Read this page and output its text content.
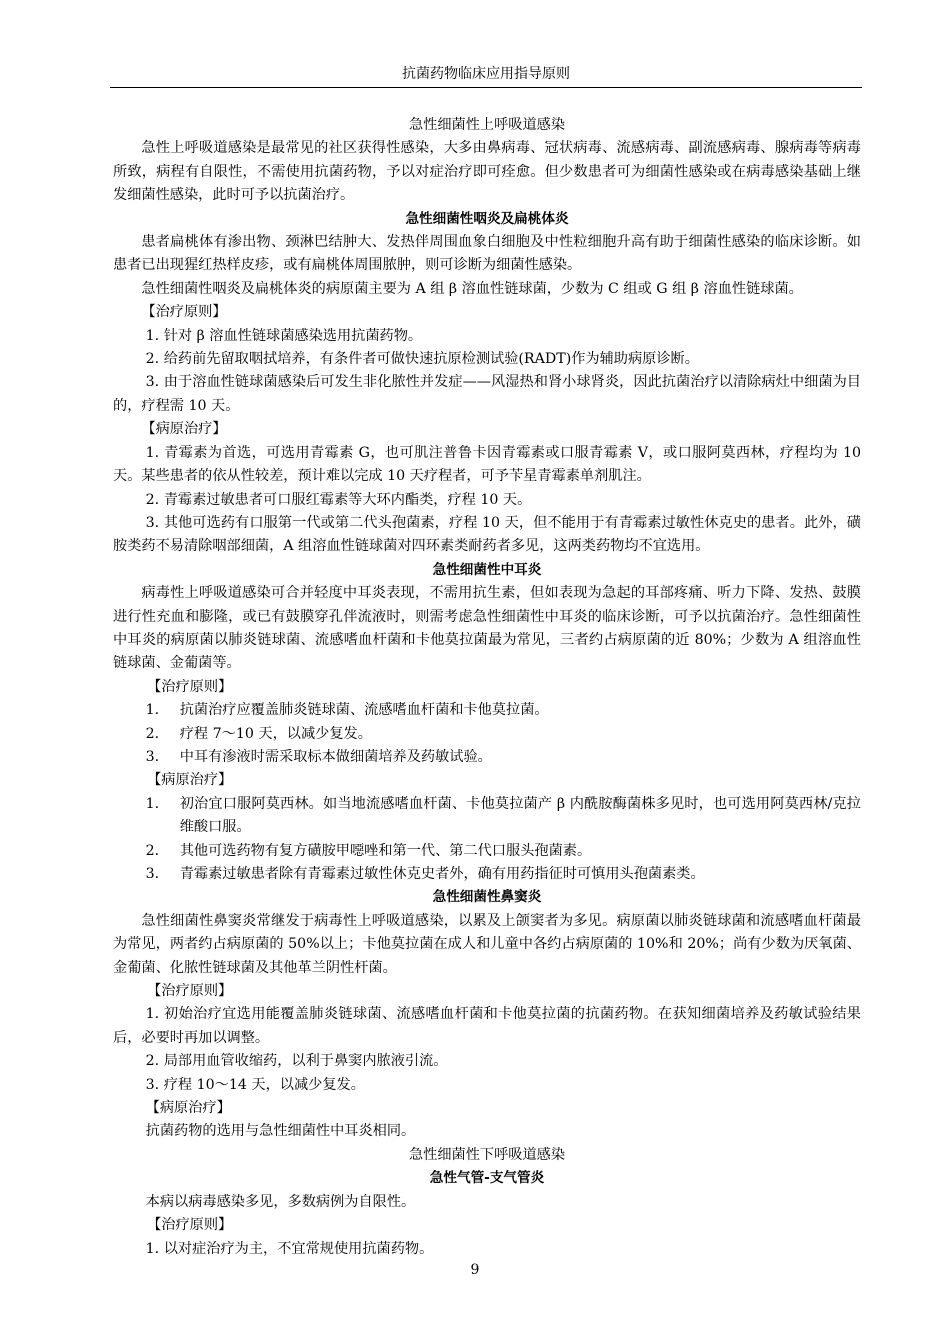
抗菌药物临床应用指导原则

急性细菌性上呼吸道感染

急性上呼吸道感染是最常见的社区获得性感染，大多由鼻病毒、冠状病毒、流感病毒、副流感病毒、腺病毒等病毒所致，病程有自限性，不需使用抗菌药物，予以对症治疗即可痊愈。但少数患者可为细菌性感染或在病毒感染基础上继发细菌性感染，此时可予以抗菌治疗。

急性细菌性咽炎及扁桃体炎

患者扁桃体有渗出物、颈淋巴结肿大、发热伴周围血象白细胞及中性粒细胞升高有助于细菌性感染的临床诊断。如患者已出现猩红热样皮疹，或有扁桃体周围脓肿，则可诊断为细菌性感染。

急性细菌性咽炎及扁桃体炎的病原菌主要为 A 组 β 溶血性链球菌，少数为 C 组或 G 组 β 溶血性链球菌。

【治疗原则】

1. 针对 β 溶血性链球菌感染选用抗菌药物。

2. 给药前先留取咽拭培养，有条件者可做快速抗原检测试验(RADT)作为辅助病原诊断。

3. 由于溶血性链球菌感染后可发生非化脓性并发症——风湿热和肾小球肾炎，因此抗菌治疗以清除病灶中细菌为目的，疗程需 10 天。

【病原治疗】

1. 青霉素为首选，可选用青霉素 G，也可肌注普鲁卡因青霉素或口服青霉素 V，或口服阿莫西林，疗程均为 10 天。某些患者的依从性较差，预计难以完成 10 天疗程者，可予苄星青霉素单剂肌注。

2. 青霉素过敏患者可口服红霉素等大环内酯类，疗程 10 天。

3. 其他可选药有口服第一代或第二代头孢菌素，疗程 10 天，但不能用于有青霉素过敏性休克史的患者。此外，磺胺类药不易清除咽部细菌，A 组溶血性链球菌对四环素类耐药者多见，这两类药物均不宜选用。

急性细菌性中耳炎

病毒性上呼吸道感染可合并轻度中耳炎表现，不需用抗生素，但如表现为急起的耳部疼痛、听力下降、发热、鼓膜进行性充血和膨隆，或已有鼓膜穿孔伴流液时，则需考虑急性细菌性中耳炎的临床诊断，可予以抗菌治疗。急性细菌性中耳炎的病原菌以肺炎链球菌、流感嗜血杆菌和卡他莫拉菌最为常见，三者约占病原菌的近 80%；少数为 A 组溶血性链球菌、金葡菌等。

【治疗原则】

1.	抗菌治疗应覆盖肺炎链球菌、流感嗜血杆菌和卡他莫拉菌。
2.	疗程 7～10 天，以减少复发。
3.	中耳有渗液时需采取标本做细菌培养及药敏试验。

【病原治疗】

1.	初治宜口服阿莫西林。如当地流感嗜血杆菌、卡他莫拉菌产 β 内酰胺酶菌株多见时，也可选用阿莫西林/克拉维酸口服。
2.	其他可选药物有复方磺胺甲噁唑和第一代、第二代口服头孢菌素。
3.	青霉素过敏患者除有青霉素过敏性休克史者外，确有用药指征时可慎用头孢菌素类。

急性细菌性鼻窦炎

急性细菌性鼻窦炎常继发于病毒性上呼吸道感染，以累及上颌窦者为多见。病原菌以肺炎链球菌和流感嗜血杆菌最为常见，两者约占病原菌的 50%以上；卡他莫拉菌在成人和儿童中各约占病原菌的 10%和 20%；尚有少数为厌氧菌、金葡菌、化脓性链球菌及其他革兰阴性杆菌。

【治疗原则】

1. 初始治疗宜选用能覆盖肺炎链球菌、流感嗜血杆菌和卡他莫拉菌的抗菌药物。在获知细菌培养及药敏试验结果后，必要时再加以调整。

2. 局部用血管收缩药，以利于鼻窦内脓液引流。

3. 疗程 10～14 天，以减少复发。

【病原治疗】

抗菌药物的选用与急性细菌性中耳炎相同。

急性细菌性下呼吸道感染

急性气管-支气管炎

本病以病毒感染多见，多数病例为自限性。

【治疗原则】

1. 以对症治疗为主，不宜常规使用抗菌药物。

9
